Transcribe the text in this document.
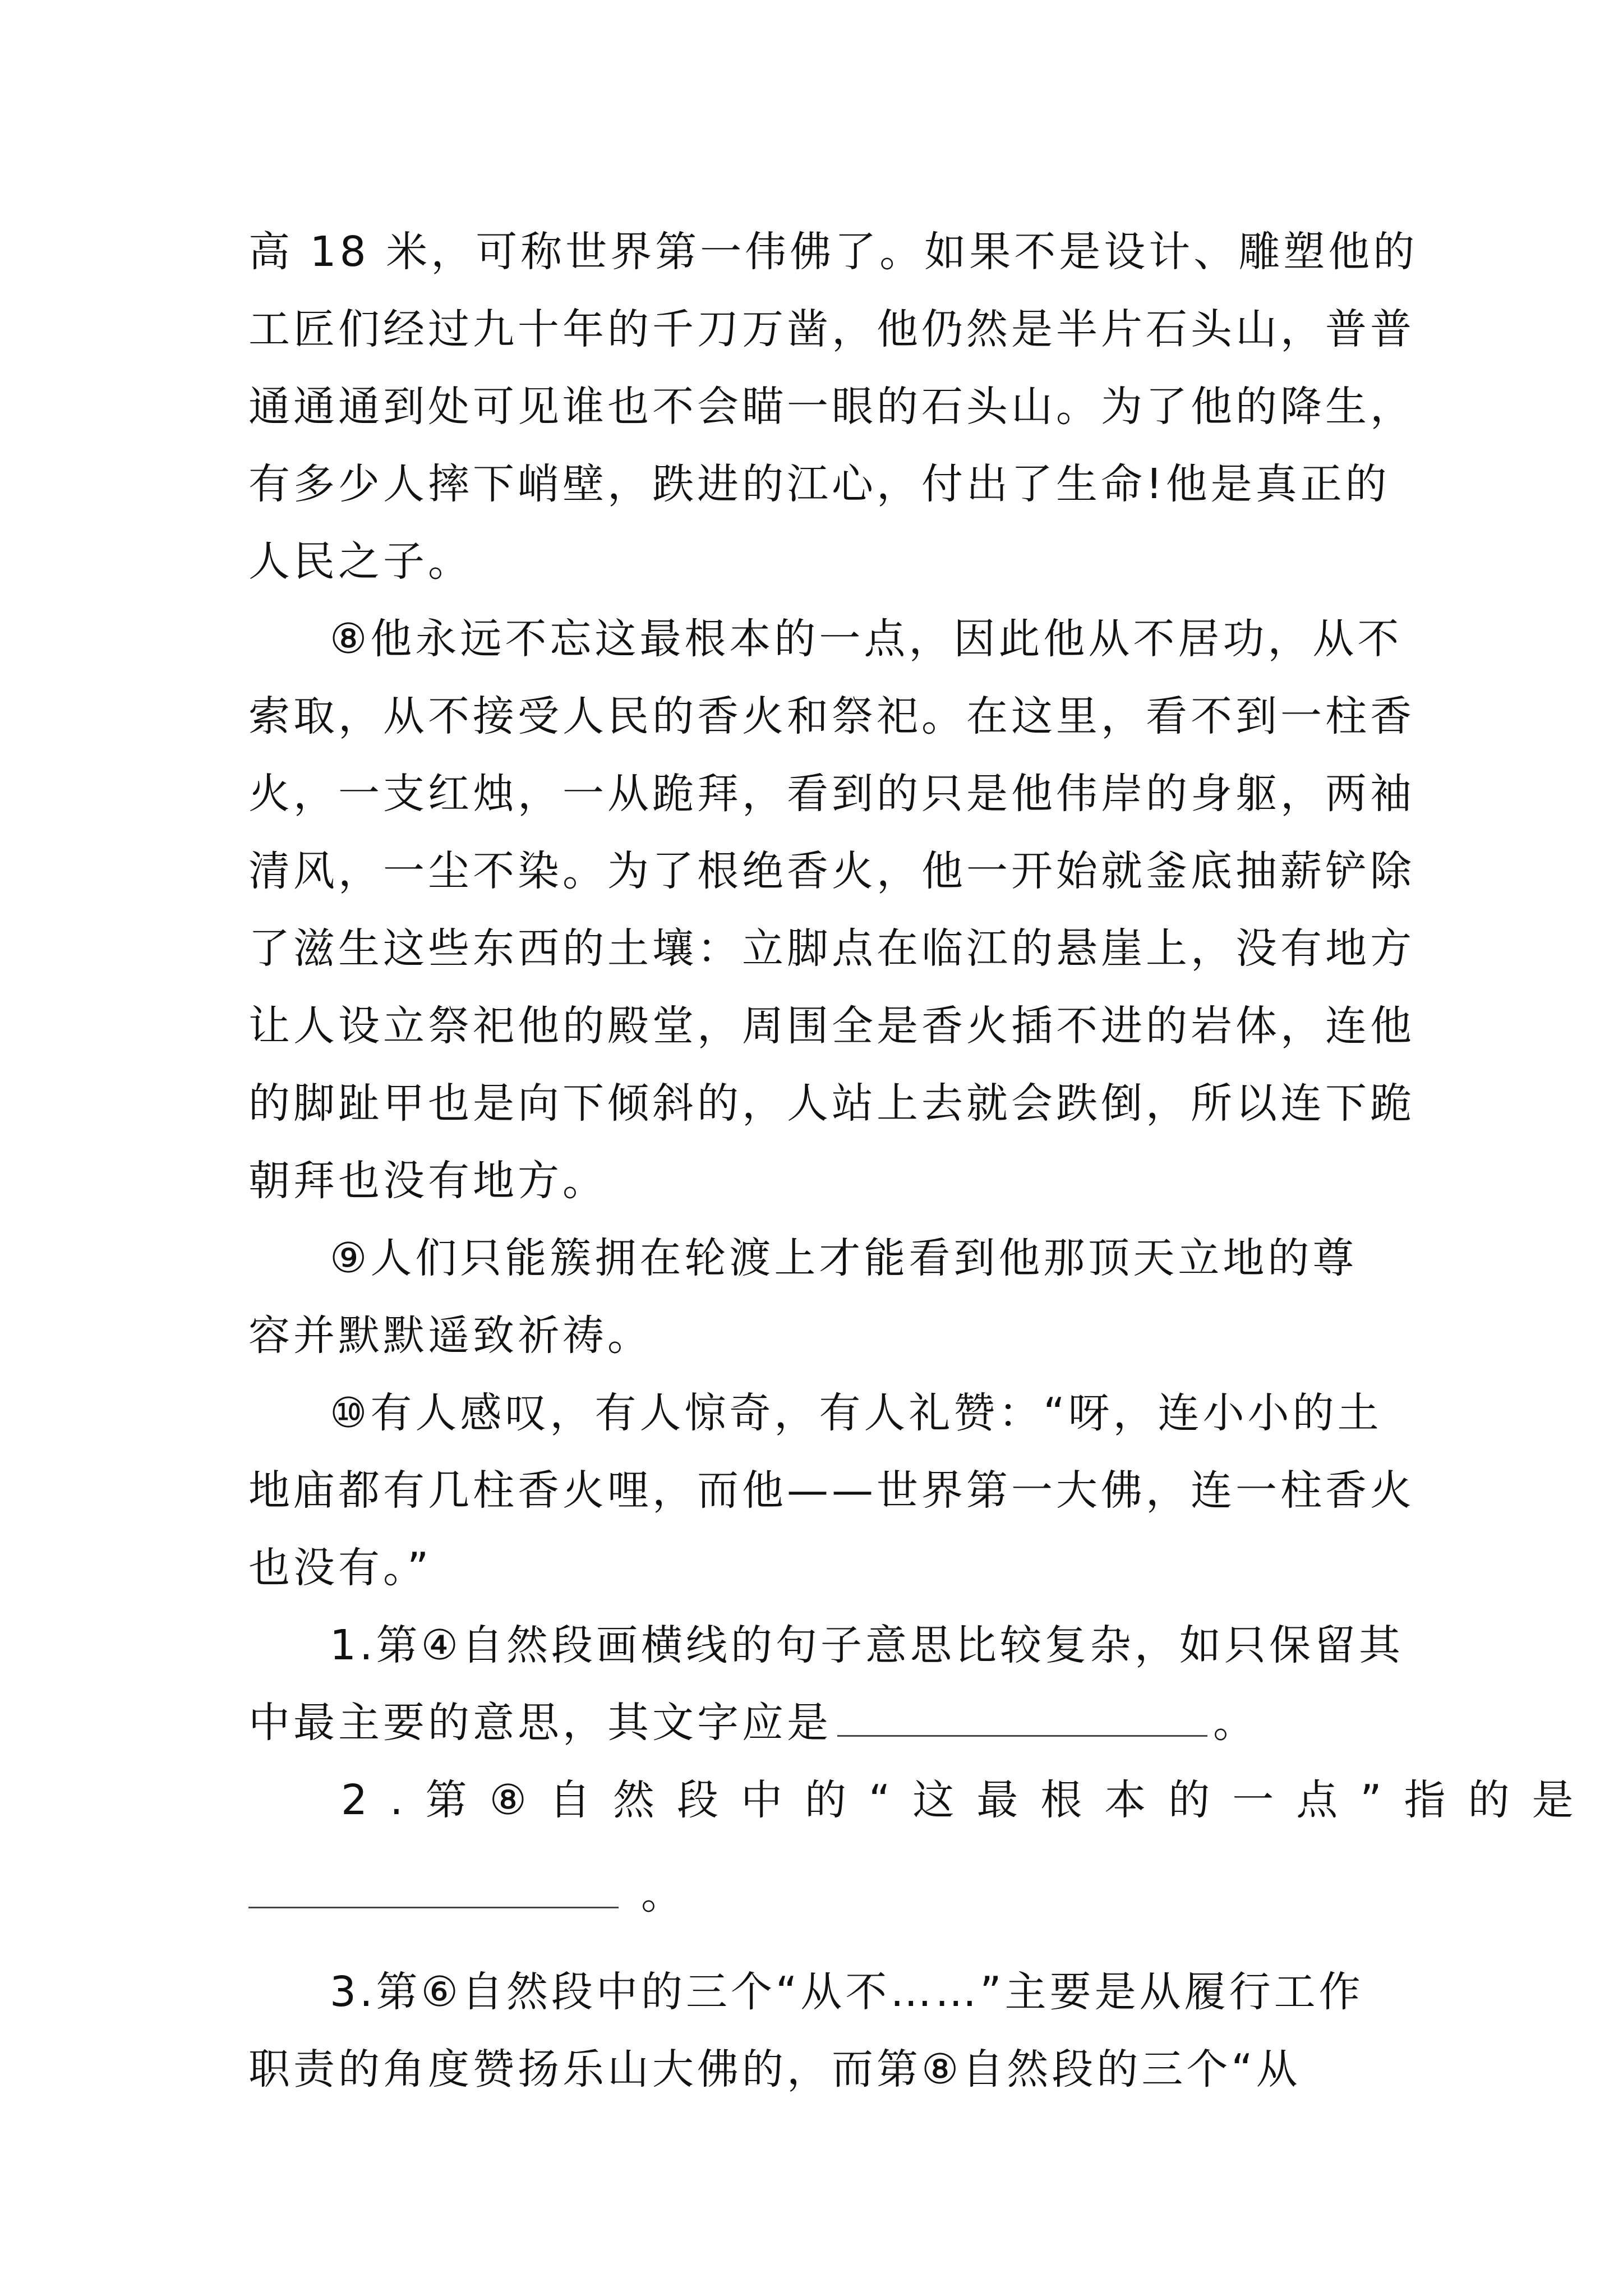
高 18 米，可称世界第一伟佛了。如果不是设计、雕塑他的
工匠们经过九十年的千刀万凿，他仍然是半片石头山，普普
通通通到处可见谁也不会瞄一眼的石头山。为了他的降生，
有多少人摔下峭壁，跌进的江心，付出了生命!他是真正的
人民之子。
⑧他永远不忘这最根本的一点，因此他从不居功，从不
索取，从不接受人民的香火和祭祀。在这里，看不到一柱香
火，一支红烛，一从跪拜，看到的只是他伟岸的身躯，两袖
清风，一尘不染。为了根绝香火，他一开始就釜底抽薪铲除
了滋生这些东西的土壤：立脚点在临江的悬崖上，没有地方
让人设立祭祀他的殿堂，周围全是香火插不进的岩体，连他
的脚趾甲也是向下倾斜的，人站上去就会跌倒，所以连下跪
朝拜也没有地方。
⑨人们只能簇拥在轮渡上才能看到他那顶天立地的尊
容并默默遥致祈祷。
⑩有人感叹，有人惊奇，有人礼赞：“呀，连小小的土
地庙都有几柱香火哩，而他——世界第一大佛，连一柱香火
也没有。”
1.第④自然段画横线的句子意思比较复杂，如只保留其
中最主要的意思，其文字应是	。
2.第⑧自然段中的“这最根本的一点”指的是
。
3.第⑥自然段中的三个“从不……”主要是从履行工作
职责的角度赞扬乐山大佛的，而第⑧自然段的三个“从
